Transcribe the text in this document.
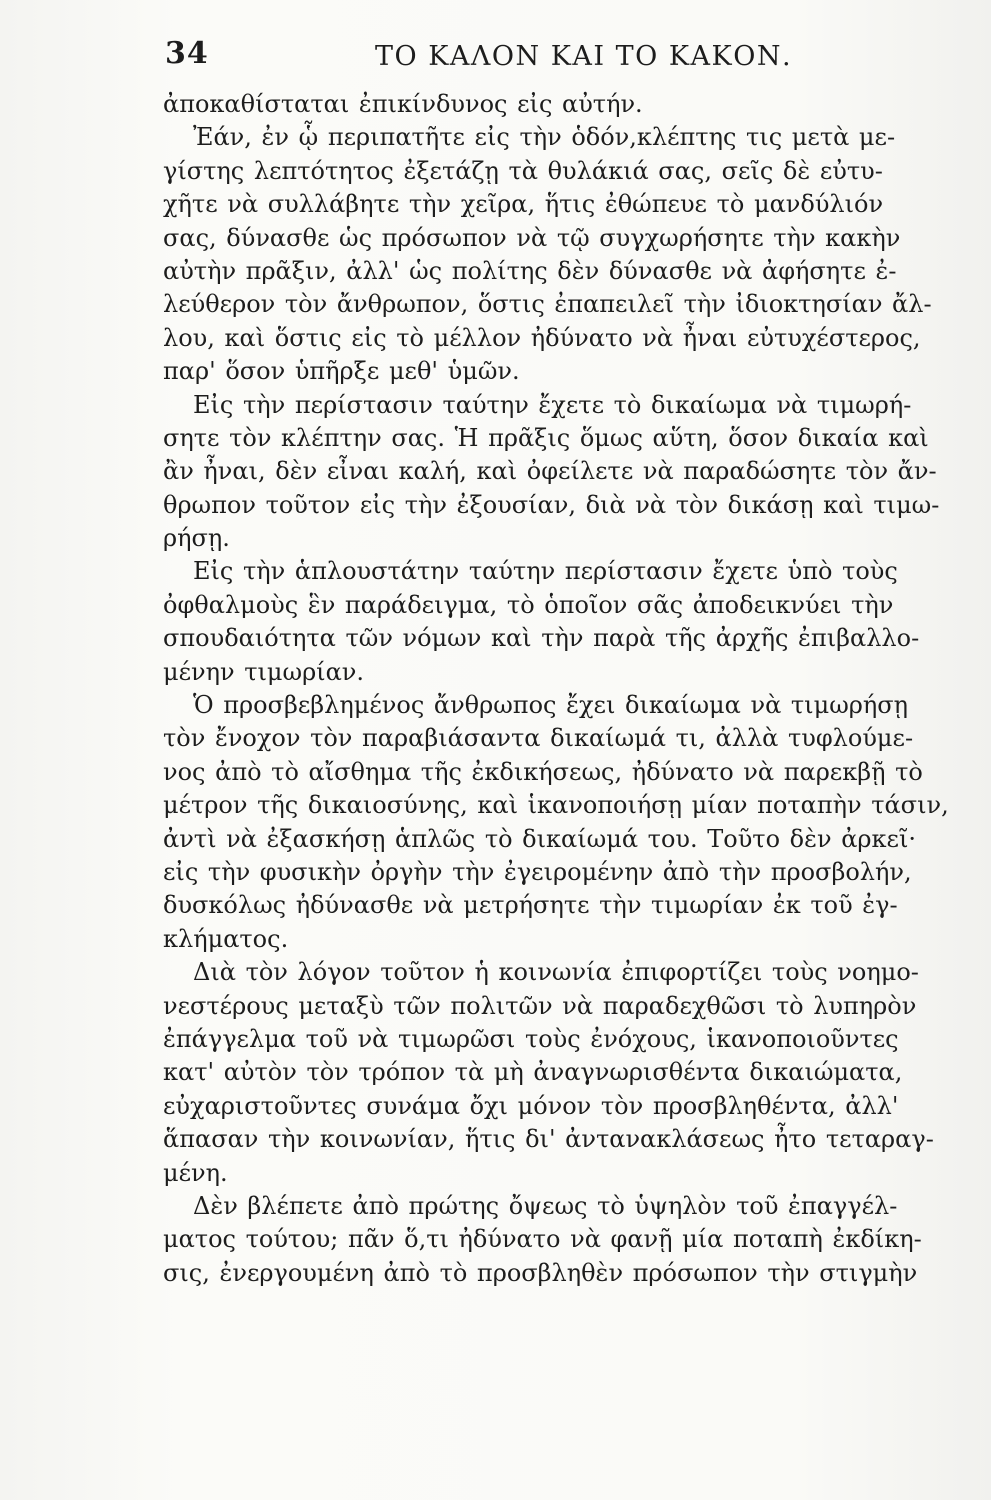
34	ΤΟ ΚΑΛΟΝ ΚΑΙ ΤΟ ΚΑΚΟΝ.
ἀποκαθίσταται ἐπικίνδυνος εἰς αὐτήν.
Ἐάν, ἐν ᾧ περιπατῆτε εἰς τὴν ὁδόν,κλέπτης τις μετὰ με-
γίστης λεπτότητος ἐξετάζῃ τὰ θυλάκιά σας, σεῖς δὲ εὐτυ-
χῆτε νὰ συλλάβητε τὴν χεῖρα, ἥτις ἐθώπευε τὸ μανδύλιόν
σας, δύνασθε ὡς πρόσωπον νὰ τῷ συγχωρήσητε τὴν κακὴν
αὐτὴν πρᾶξιν, ἀλλ' ὡς πολίτης δὲν δύνασθε νὰ ἀφήσητε ἐ-
λεύθερον τὸν ἄνθρωπον, ὅστις ἐπαπειλεῖ τὴν ἰδιοκτησίαν ἄλ-
λου, καὶ ὅστις εἰς τὸ μέλλον ἠδύνατο νὰ ἦναι εὐτυχέστερος,
παρ' ὅσον ὑπῆρξε μεθ' ὑμῶν.
Εἰς τὴν περίστασιν ταύτην ἔχετε τὸ δικαίωμα νὰ τιμωρή-
σητε τὸν κλέπτην σας. Ἡ πρᾶξις ὅμως αὕτη, ὅσον δικαία καὶ
ἂν ἦναι, δὲν εἶναι καλή, καὶ ὀφείλετε νὰ παραδώσητε τὸν ἄν-
θρωπον τοῦτον εἰς τὴν ἐξουσίαν, διὰ νὰ τὸν δικάσῃ καὶ τιμω-
ρήσῃ.
Εἰς τὴν ἁπλουστάτην ταύτην περίστασιν ἔχετε ὑπὸ τοὺς
ὀφθαλμοὺς ἓν παράδειγμα, τὸ ὁποῖον σᾶς ἀποδεικνύει τὴν
σπουδαιότητα τῶν νόμων καὶ τὴν παρὰ τῆς ἀρχῆς ἐπιβαλλο-
μένην τιμωρίαν.
Ὁ προσβεβλημένος ἄνθρωπος ἔχει δικαίωμα νὰ τιμωρήσῃ
τὸν ἔνοχον τὸν παραβιάσαντα δικαίωμά τι, ἀλλὰ τυφλούμε-
νος ἀπὸ τὸ αἴσθημα τῆς ἐκδικήσεως, ἠδύνατο νὰ παρεκβῇ τὸ
μέτρον τῆς δικαιοσύνης, καὶ ἱκανοποιήσῃ μίαν ποταπὴν τάσιν,
ἀντὶ νὰ ἐξασκήσῃ ἁπλῶς τὸ δικαίωμά του. Τοῦτο δὲν ἀρκεῖ·
εἰς τὴν φυσικὴν ὀργὴν τὴν ἐγειρομένην ἀπὸ τὴν προσβολήν,
δυσκόλως ἠδύνασθε νὰ μετρήσητε τὴν τιμωρίαν ἐκ τοῦ ἐγ-
κλήματος.
Διὰ τὸν λόγον τοῦτον ἡ κοινωνία ἐπιφορτίζει τοὺς νοημο-
νεστέρους μεταξὺ τῶν πολιτῶν νὰ παραδεχθῶσι τὸ λυπηρὸν
ἐπάγγελμα τοῦ νὰ τιμωρῶσι τοὺς ἐνόχους, ἱκανοποιοῦντες
κατ' αὐτὸν τὸν τρόπον τὰ μὴ ἀναγνωρισθέντα δικαιώματα,
εὐχαριστοῦντες συνάμα ὄχι μόνον τὸν προσβληθέντα, ἀλλ'
ἅπασαν τὴν κοινωνίαν, ἥτις δι' ἀντανακλάσεως ἦτο τεταραγ-
μένη.
Δὲν βλέπετε ἀπὸ πρώτης ὄψεως τὸ ὑψηλὸν τοῦ ἐπαγγέλ-
ματος τούτου; πᾶν ὅ,τι ἠδύνατο νὰ φανῇ μία ποταπὴ ἐκδίκη-
σις, ἐνεργουμένη ἀπὸ τὸ προσβληθὲν πρόσωπον τὴν στιγμὴν
